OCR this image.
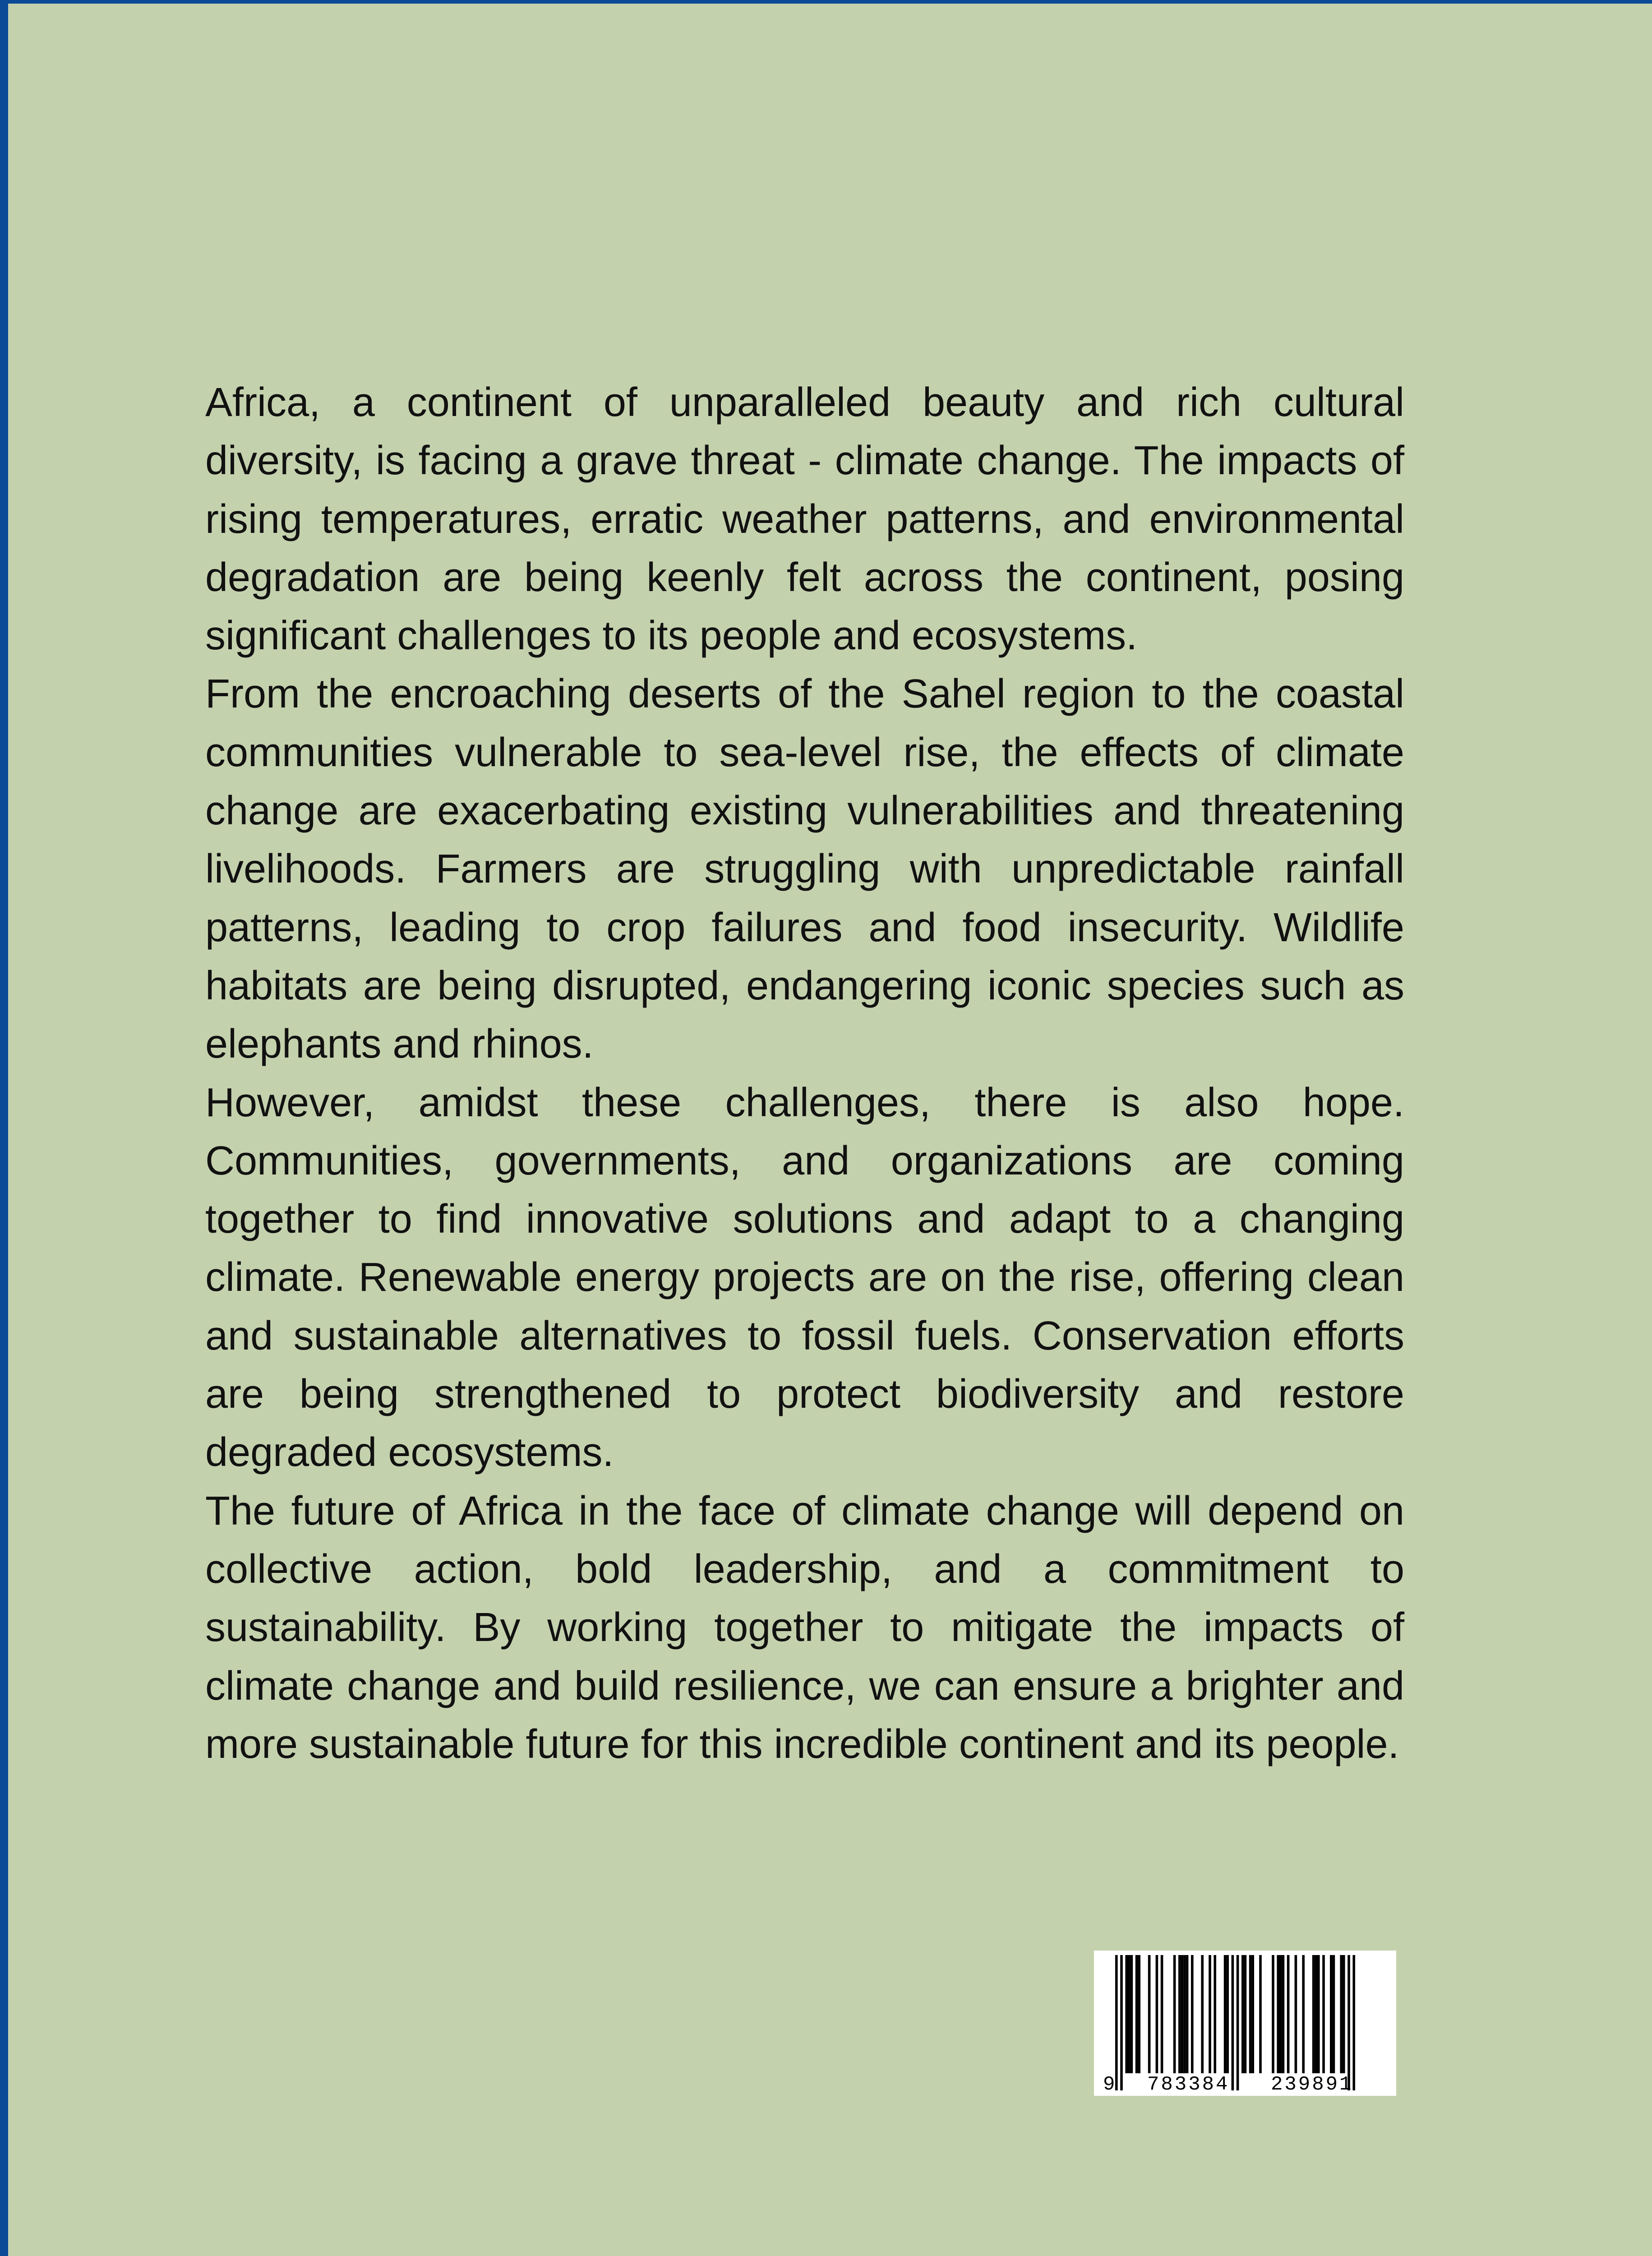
Africa, a continent of unparalleled beauty and rich cultural diversity, is facing a grave threat - climate change. The impacts of rising temperatures, erratic weather patterns, and environmental degradation are being keenly felt across the continent, posing significant challenges to its people and ecosystems.

From the encroaching deserts of the Sahel region to the coastal communities vulnerable to sea-level rise, the effects of climate change are exacerbating existing vulnerabilities and threatening livelihoods. Farmers are struggling with unpredictable rainfall patterns, leading to crop failures and food insecurity. Wildlife habitats are being disrupted, endangering iconic species such as elephants and rhinos.

However, amidst these challenges, there is also hope. Communities, governments, and organizations are coming together to find innovative solutions and adapt to a changing climate. Renewable energy projects are on the rise, offering clean and sustainable alternatives to fossil fuels. Conservation efforts are being strengthened to protect biodiversity and restore degraded ecosystems.

The future of Africa in the face of climate change will depend on collective action, bold leadership, and a commitment to sustainability. By working together to mitigate the impacts of climate change and build resilience, we can ensure a brighter and more sustainable future for this incredible continent and its people.

9 783384 239891
